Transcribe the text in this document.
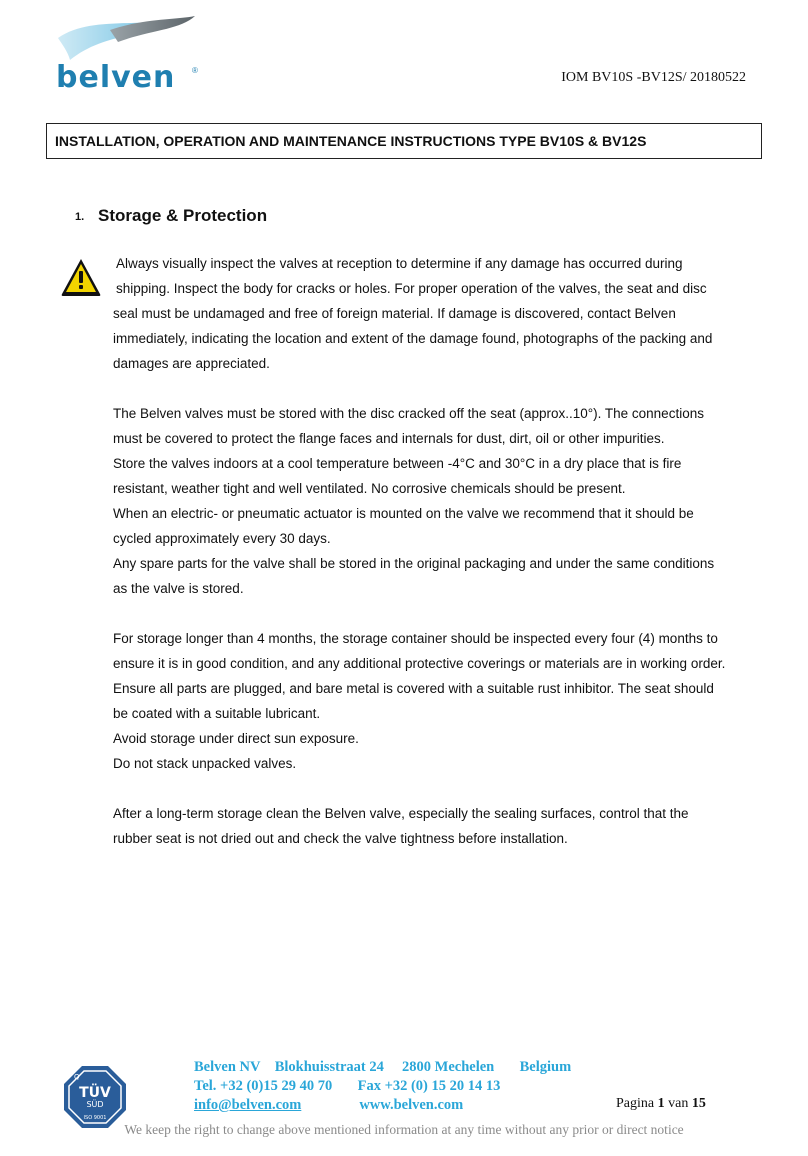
belven ®	IOM BV10S -BV12S/ 20180522
INSTALLATION, OPERATION AND MAINTENANCE INSTRUCTIONS TYPE BV10S & BV12S
1. Storage & Protection
Always visually inspect the valves at reception to determine if any damage has occurred during
shipping. Inspect the body for cracks or holes. For proper operation of the valves, the seat and disc
seal must be undamaged and free of foreign material. If damage is discovered, contact Belven
immediately, indicating the location and extent of the damage found, photographs of the packing and
damages are appreciated.
The Belven valves must be stored with the disc cracked off the seat (approx..10°). The connections
must be covered to protect the flange faces and internals for dust, dirt, oil or other impurities.
Store the valves indoors at a cool temperature between -4°C and 30°C in a dry place that is fire
resistant, weather tight and well ventilated. No corrosive chemicals should be present.
When an electric- or pneumatic actuator is mounted on the valve we recommend that it should be
cycled approximately every 30 days.
Any spare parts for the valve shall be stored in the original packaging and under the same conditions
as the valve is stored.
For storage longer than 4 months, the storage container should be inspected every four (4) months to
ensure it is in good condition, and any additional protective coverings or materials are in working order.
Ensure all parts are plugged, and bare metal is covered with a suitable rust inhibitor. The seat should
be coated with a suitable lubricant.
Avoid storage under direct sun exposure.
Do not stack unpacked valves.
After a long-term storage clean the Belven valve, especially the sealing surfaces, control that the
rubber seat is not dried out and check the valve tightness before installation.
Q
TÜV
SÜD
ISO 9001
Belven NV Blokhuisstraat 24 2800 Mechelen Belgium
Tel. +32 (0)15 29 40 70 Fax +32 (0) 15 20 14 13
info@belven.com	www.belven.com	Pagina 1 van 15
We keep the right to change above mentioned information at any time without any prior or direct notice
